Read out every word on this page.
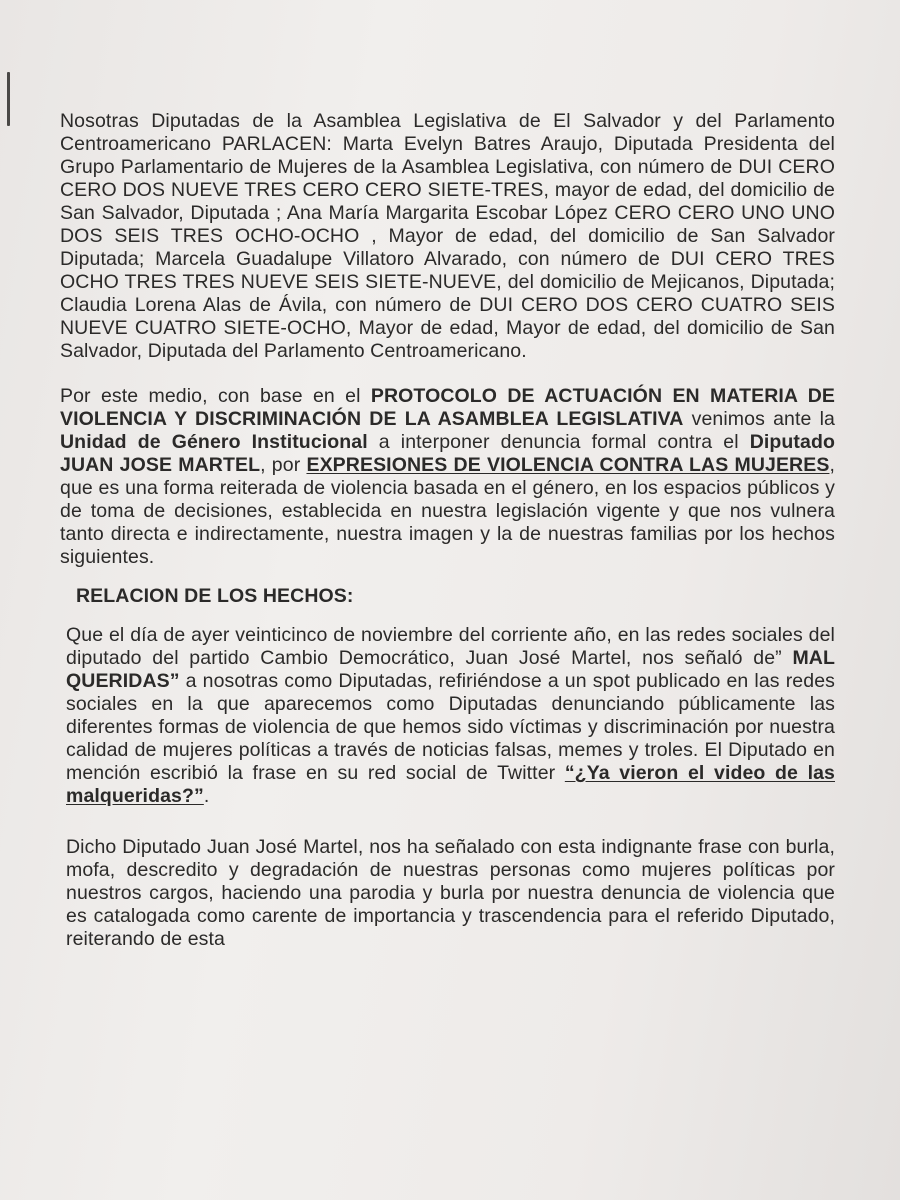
Nosotras Diputadas de la Asamblea Legislativa de El Salvador y del Parlamento Centroamericano PARLACEN: Marta Evelyn Batres Araujo, Diputada Presidenta del Grupo Parlamentario de Mujeres de la Asamblea Legislativa, con número de DUI CERO CERO DOS NUEVE TRES CERO CERO SIETE-TRES, mayor de edad, del domicilio de San Salvador, Diputada ; Ana María Margarita Escobar López CERO CERO UNO UNO DOS SEIS TRES OCHO-OCHO , Mayor de edad, del domicilio de San Salvador Diputada; Marcela Guadalupe Villatoro Alvarado, con número de DUI CERO TRES OCHO TRES TRES NUEVE SEIS SIETE-NUEVE, del domicilio de Mejicanos, Diputada; Claudia Lorena Alas de Ávila, con número de DUI CERO DOS CERO CUATRO SEIS NUEVE CUATRO SIETE-OCHO, Mayor de edad, Mayor de edad, del domicilio de San Salvador, Diputada del Parlamento Centroamericano.

Por este medio, con base en el PROTOCOLO DE ACTUACIÓN EN MATERIA DE VIOLENCIA Y DISCRIMINACIÓN DE LA ASAMBLEA LEGISLATIVA venimos ante la Unidad de Género Institucional a interponer denuncia formal contra el Diputado JUAN JOSE MARTEL, por EXPRESIONES DE VIOLENCIA CONTRA LAS MUJERES, que es una forma reiterada de violencia basada en el género, en los espacios públicos y de toma de decisiones, establecida en nuestra legislación vigente y que nos vulnera tanto directa e indirectamente, nuestra imagen y la de nuestras familias por los hechos siguientes.

RELACION DE LOS HECHOS:

Que el día de ayer veinticinco de noviembre del corriente año, en las redes sociales del diputado del partido Cambio Democrático, Juan José Martel, nos señaló de” MAL QUERIDAS” a nosotras como Diputadas, refiriéndose a un spot publicado en las redes sociales en la que aparecemos como Diputadas denunciando públicamente las diferentes formas de violencia de que hemos sido víctimas y discriminación por nuestra calidad de mujeres políticas a través de noticias falsas, memes y troles. El Diputado en mención escribió la frase en su red social de Twitter “¿Ya vieron el video de las malqueridas?”.

Dicho Diputado Juan José Martel, nos ha señalado con esta indignante frase con burla, mofa, descredito y degradación de nuestras personas como mujeres políticas por nuestros cargos, haciendo una parodia y burla por nuestra denuncia de violencia que es catalogada como carente de importancia y trascendencia para el referido Diputado, reiterando de esta
